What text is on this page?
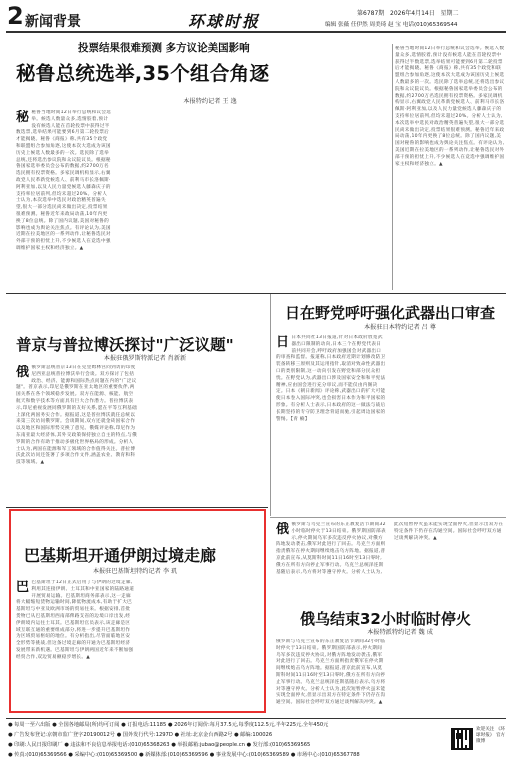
2 新闻背景	环球时报	第6787期 2026年4月14日 星期二
编辑 张薇 任伊然 周美琦 赵 宝 电话(010)65369544
投票结果很难预测 多方议论美国影响
秘鲁总统选举,35个组合角逐
本报特约记者 王 逸

秘秘鲁当地时间12日举行总统和议会选举。候选人数量众多,选情胶着,预计没有候选人能在首轮投票中获得过半数选票,选举结果可能要到6月第二轮投票后才能揭晓。秘鲁《商报》称,共有35个政党和联盟组合参加角逐,这使本次大选成为该国历史上候选人数最多的一次。选民除了选举总统,还将选出参议院和众议院议员。根据秘鲁国家选举委员会公布的数据,约2700万名选民拥有投票资格。多家民调机构显示,右翼政党人民革新党候选人、前利马市长洛佩斯·阿利亚加,以及人民力量党候选人藤森庆子的支持率位居前列,但均未超过20%。分析人士认为,本次选举中选民对政治精英普遍失望,很大一部分选民尚未做出决定,投票结果很难预测。秘鲁近年来政局动荡,10年内更换了8位总统。除了国内议题,美国对秘鲁的影响也成为舆论关注焦点。有评论认为,美国近期在拉美地区的一系列动作,让秘鲁选民对外部干预的担忧上升,不少候选人在竞选中强调维护国家主权和经济独立。▲

秘鲁当地时间12日举行总统和议会选举。候选人数量众多,选情胶着,预计没有候选人能在首轮投票中获得过半数选票,选举结果可能要到6月第二轮投票后才能揭晓。秘鲁《商报》称,共有35个政党和联盟组合参加角逐,这使本次大选成为该国历史上候选人数最多的一次。选民除了选举总统,还将选出参议院和众议院议员。根据秘鲁国家选举委员会公布的数据,约2700万名选民拥有投票资格。多家民调机构显示,右翼政党人民革新党候选人、前利马市长洛佩斯·阿利亚加,以及人民力量党候选人藤森庆子的支持率位居前列,但均未超过20%。分析人士认为,本次选举中选民对政治精英普遍失望,很大一部分选民尚未做出决定,投票结果很难预测。秘鲁近年来政局动荡,10年内更换了8位总统。除了国内议题,美国对秘鲁的影响也成为舆论关注焦点。有评论认为,美国近期在拉美地区的一系列动作,让秘鲁选民对外部干预的担忧上升,不少候选人在竞选中强调维护国家主权和经济独立。▲

普京与普拉博沃探讨"广泛议题"
本报驻俄罗斯特派记者 肖新新

俄俄罗斯总统普京13日在克里姆林宫同到访的印度尼西亚总统普拉博沃举行会谈。双方探讨了包括政治、经济、能源和国际热点问题在内的"广泛议题"。普京表示,印尼是俄罗斯在亚太地区的重要伙伴,两国关系在各个领域稳步发展。双方在能源、核能、航空航天和数字技术等方面具有巨大合作潜力。普拉博沃表示,印尼重视发展同俄罗斯的友好关系,愿在平等互利基础上深化两国务实合作。据报道,这是普拉博沃就任总统以来第三次访问俄罗斯。会谈期间,双方还就金砖国家合作以及地区和国际形势交换了意见。俄媒评论称,印尼作为东南亚最大经济体,其外交政策保持独立自主的特点,与俄罗斯的合作有助于推动多极化世界格局的形成。分析人士认为,两国在能源和军工领域的合作值得关注。普拉博沃此次访问还签署了多项合作文件,涵盖农业、教育和科技等领域。▲

日在野党呼吁强化武器出口审查
本报驻日本特约记者 吕 尊

日日本共同社13日报道,针对日本政府放宽武器出口限制的动向,日本三个在野党代表日前共同开会,呼吁政府加强国会对武器出口的审查和监督。报道称,日本政府近期计划修改防卫装备转移三原则及其运用指针,取消对致命性武器出口的类别限制,这一动向引发在野党和部分民众担忧。在野党认为,武器出口涉及国家安全和和平宪法精神,应由国会进行充分审议,而不能仅由内阁决定。日本《朝日新闻》评论称,武器出口的扩大可能使日本卷入国际冲突,也会损害日本作为和平国家的形象。有分析人士表示,日本政府的这一做法与战后长期坚持的专守防卫理念背道而驰,引起周边国家的警惕。【青 楠】

巴基斯坦开通伊朗过境走廊
本报驻巴基斯坦特约记者 李 玑

巴巴基斯坦于12日正式启用了与伊朗的过境走廊,利用其连接伊朗、土耳其和中亚国家的陆路通道开展贸易运输。巴基斯坦商务部表示,这一走廊将大幅缩短货物运输时间,降低物流成本,有助于扩大巴基斯坦与中亚及欧洲市场的贸易往来。根据安排,首批货物已从巴基斯坦西南部俾路支省的边境口岸出发,经伊朗境内运往土耳其。巴基斯坦官员表示,该走廊是区域互联互通的重要组成部分,将进一步提升巴基斯坦作为区域贸易枢纽的地位。有分析指出,尽管面临地区安全形势等挑战,但这条过境走廊的开通为巴基斯坦经济发展带来新机遇。巴基斯坦与伊朗两国近年来不断加强经贸合作,双边贸易额稳步增长。▲

俄俄罗斯与乌克兰宣布的东正教复活节期间32小时临时停火于13日结束。俄罗斯国防部表示,停火期间乌军多次违反停火协议,对俄方阵地发动袭击,俄军对此进行了回击。乌克兰方面则指责俄军在停火期间继续炮击乌方阵地。据报道,普京此前宣布,从莫斯科时间11日16时至13日零时,俄方在所有方向停止军事行动。乌克兰总统泽连斯基随后表示,乌方将对等遵守停火。分析人士认为,此次短暂停火虽未能实现全面停火,但显示出双方在特定条件下仍存在沟通空间。国际社会呼吁双方通过谈判解决冲突。▲

俄乌结束32小时临时停火
本报特派特约记者 魏 成

俄罗斯与乌克兰宣布的东正教复活节期间32小时临时停火于13日结束。俄罗斯国防部表示,停火期间乌军多次违反停火协议,对俄方阵地发动袭击,俄军对此进行了回击。乌克兰方面则指责俄军在停火期间继续炮击乌方阵地。据报道,普京此前宣布,从莫斯科时间11日16时至13日零时,俄方在所有方向停止军事行动。乌克兰总统泽连斯基随后表示,乌方将对等遵守停火。分析人士认为,此次短暂停火虽未能实现全面停火,但显示出双方在特定条件下仍存在沟通空间。国际社会呼吁双方通过谈判解决冲突。▲

● 每周一至六出版 ● 全国各地邮局(所)均可订阅 ● 订报电话:11185 ● 2026年订阅价:每月37.5元,每季度112.5元,半年225元,全年450元
● 广告发布登记:京朝市监广登字20190012号 ● 国外发行代号:1297D ● 社址:北京金台西路2号 ● 邮编:100026
● 印刷:人民日报印刷厂 ● 违法和不良信息举报电话:(010)65368263 ● 举报邮箱:jubao@people.cn ● 发行部:(010)65369565
● 传真:(010)65369566 ● 采编中心:(010)65369500 ● 新媒体部:(010)65369596 ● 事业发展中心:(010)65369589 ● 市场中心:(010)65367788
欢迎关注 《环球时报》 官方微博
